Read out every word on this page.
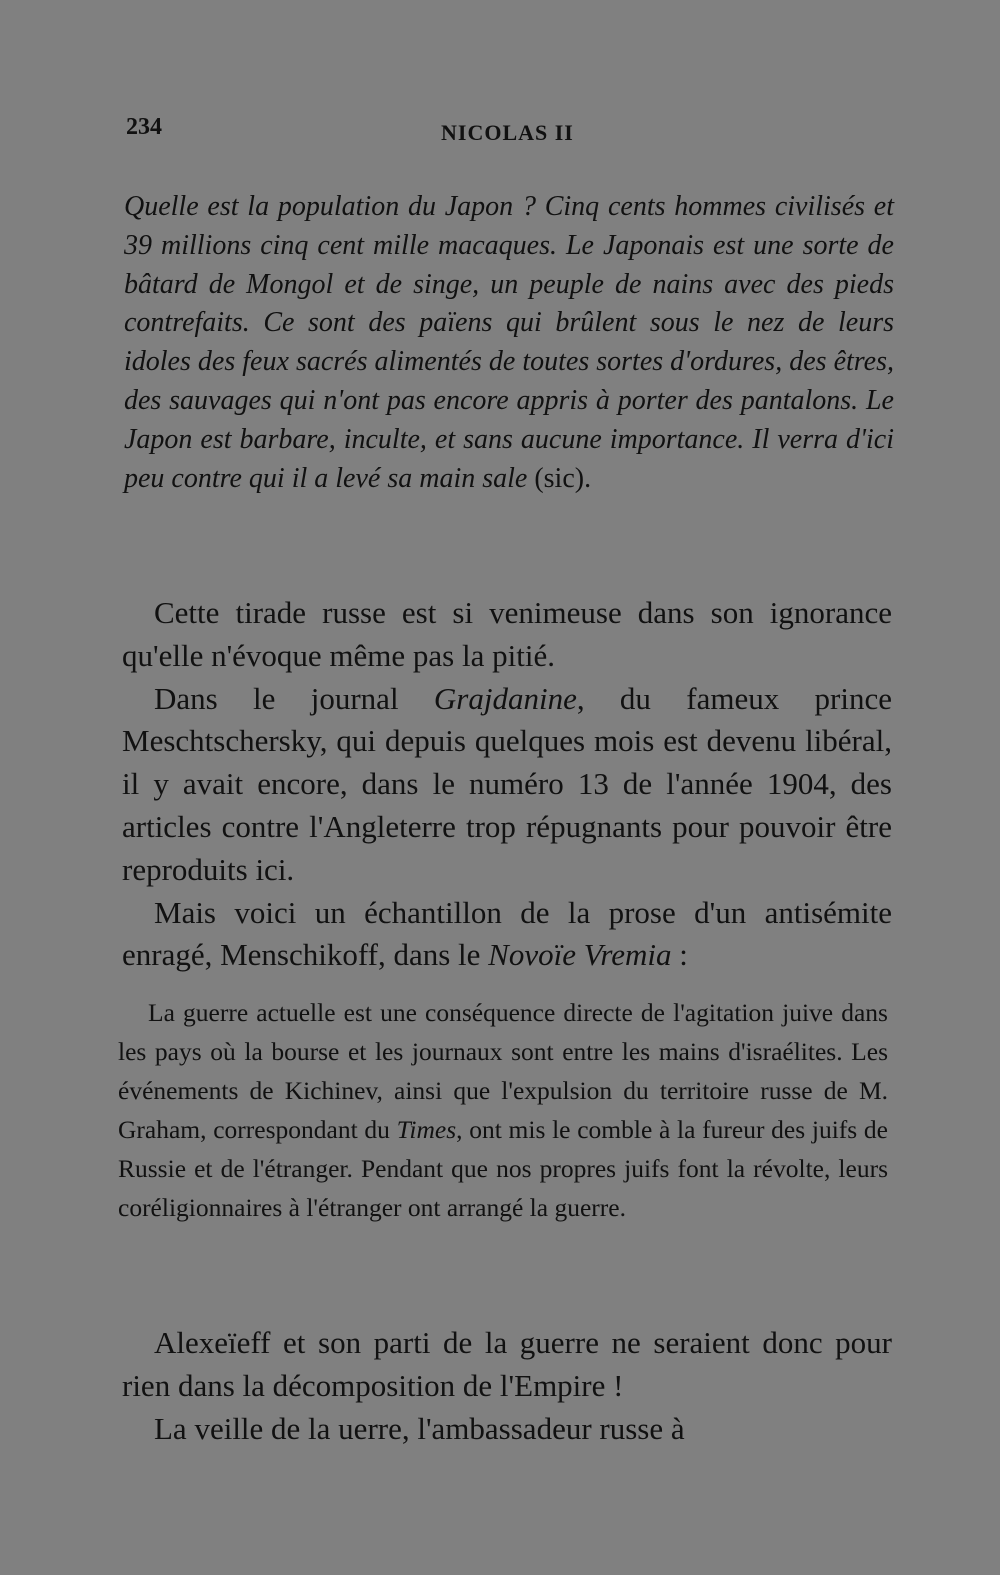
234	NICOLAS II
Quelle est la population du Japon ? Cinq cents hommes civilisés et 39 millions cinq cent mille macaques. Le Japonais est une sorte de bâtard de Mongol et de singe, un peuple de nains avec des pieds contrefaits. Ce sont des païens qui brûlent sous le nez de leurs idoles des feux sacrés alimentés de toutes sortes d'ordures, des êtres, des sauvages qui n'ont pas encore appris à porter des pantalons. Le Japon est barbare, inculte, et sans aucune importance. Il verra d'ici peu contre qui il a levé sa main sale (sic).

Cette tirade russe est si venimeuse dans son ignorance qu'elle n'évoque même pas la pitié.

Dans le journal Grajdanine, du fameux prince Meschtschersky, qui depuis quelques mois est devenu libéral, il y avait encore, dans le numéro 13 de l'année 1904, des articles contre l'Angleterre trop répugnants pour pouvoir être reproduits ici.

Mais voici un échantillon de la prose d'un antisémite enragé, Menschikoff, dans le Novoïe Vremia :

La guerre actuelle est une conséquence directe de l'agitation juive dans les pays où la bourse et les journaux sont entre les mains d'israélites. Les événements de Kichinev, ainsi que l'expulsion du territoire russe de M. Graham, correspondant du Times, ont mis le comble à la fureur des juifs de Russie et de l'étranger. Pendant que nos propres juifs font la révolte, leurs coréligionnaires à l'étranger ont arrangé la guerre.

Alexeïeff et son parti de la guerre ne seraient donc pour rien dans la décomposition de l'Empire !

La veille de la uerre, l'ambassadeur russe à
